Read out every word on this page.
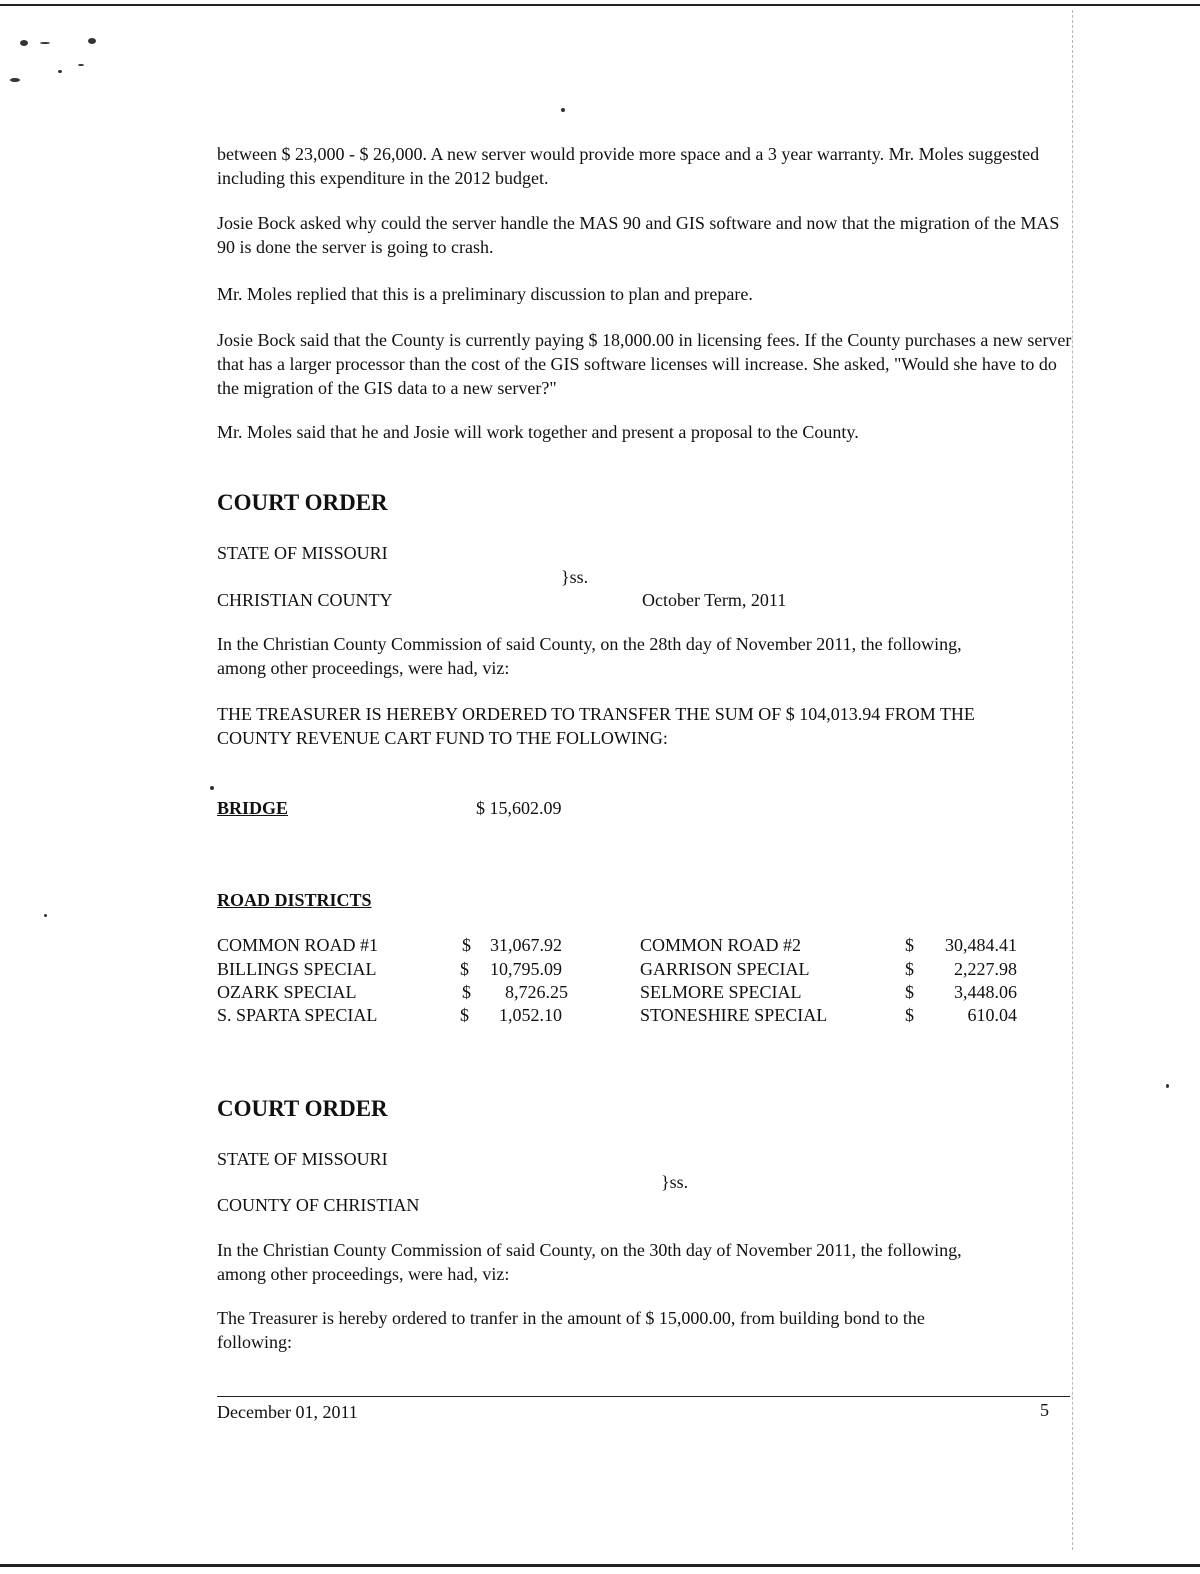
between $ 23,000 - $ 26,000. A new server would provide more space and a 3 year warranty. Mr. Moles suggested including this expenditure in the 2012 budget.

Josie Bock asked why could the server handle the MAS 90 and GIS software and now that the migration of the MAS 90 is done the server is going to crash.

Mr. Moles replied that this is a preliminary discussion to plan and prepare.

Josie Bock said that the County is currently paying $ 18,000.00 in licensing fees. If the County purchases a new server that has a larger processor than the cost of the GIS software licenses will increase. She asked, "Would she have to do the migration of the GIS data to a new server?"

Mr. Moles said that he and Josie will work together and present a proposal to the County.

COURT ORDER
STATE OF MISSOURI
}ss.
CHRISTIAN COUNTY	October Term, 2011
In the Christian County Commission of said County, on the 28th day of November 2011, the following,
among other proceedings, were had, viz:
THE TREASURER IS HEREBY ORDERED TO TRANSFER THE SUM OF $ 104,013.94 FROM THE
COUNTY REVENUE CART FUND TO THE FOLLOWING:
BRIDGE	$ 15,602.09
ROAD DISTRICTS
COMMON ROAD #1	$	31,067.92	COMMON ROAD #2	$	30,484.41
BILLINGS SPECIAL	$	10,795.09	GARRISON SPECIAL	$	2,227.98
OZARK SPECIAL	$	8,726.25	SELMORE SPECIAL	$	3,448.06
S. SPARTA SPECIAL	$	1,052.10	STONESHIRE SPECIAL	$	610.04
COURT ORDER
STATE OF MISSOURI
}ss.
COUNTY OF CHRISTIAN
In the Christian County Commission of said County, on the 30th day of November 2011, the following,
among other proceedings, were had, viz:
The Treasurer is hereby ordered to tranfer in the amount of $ 15,000.00, from building bond to the
following:
December 01, 2011	5
